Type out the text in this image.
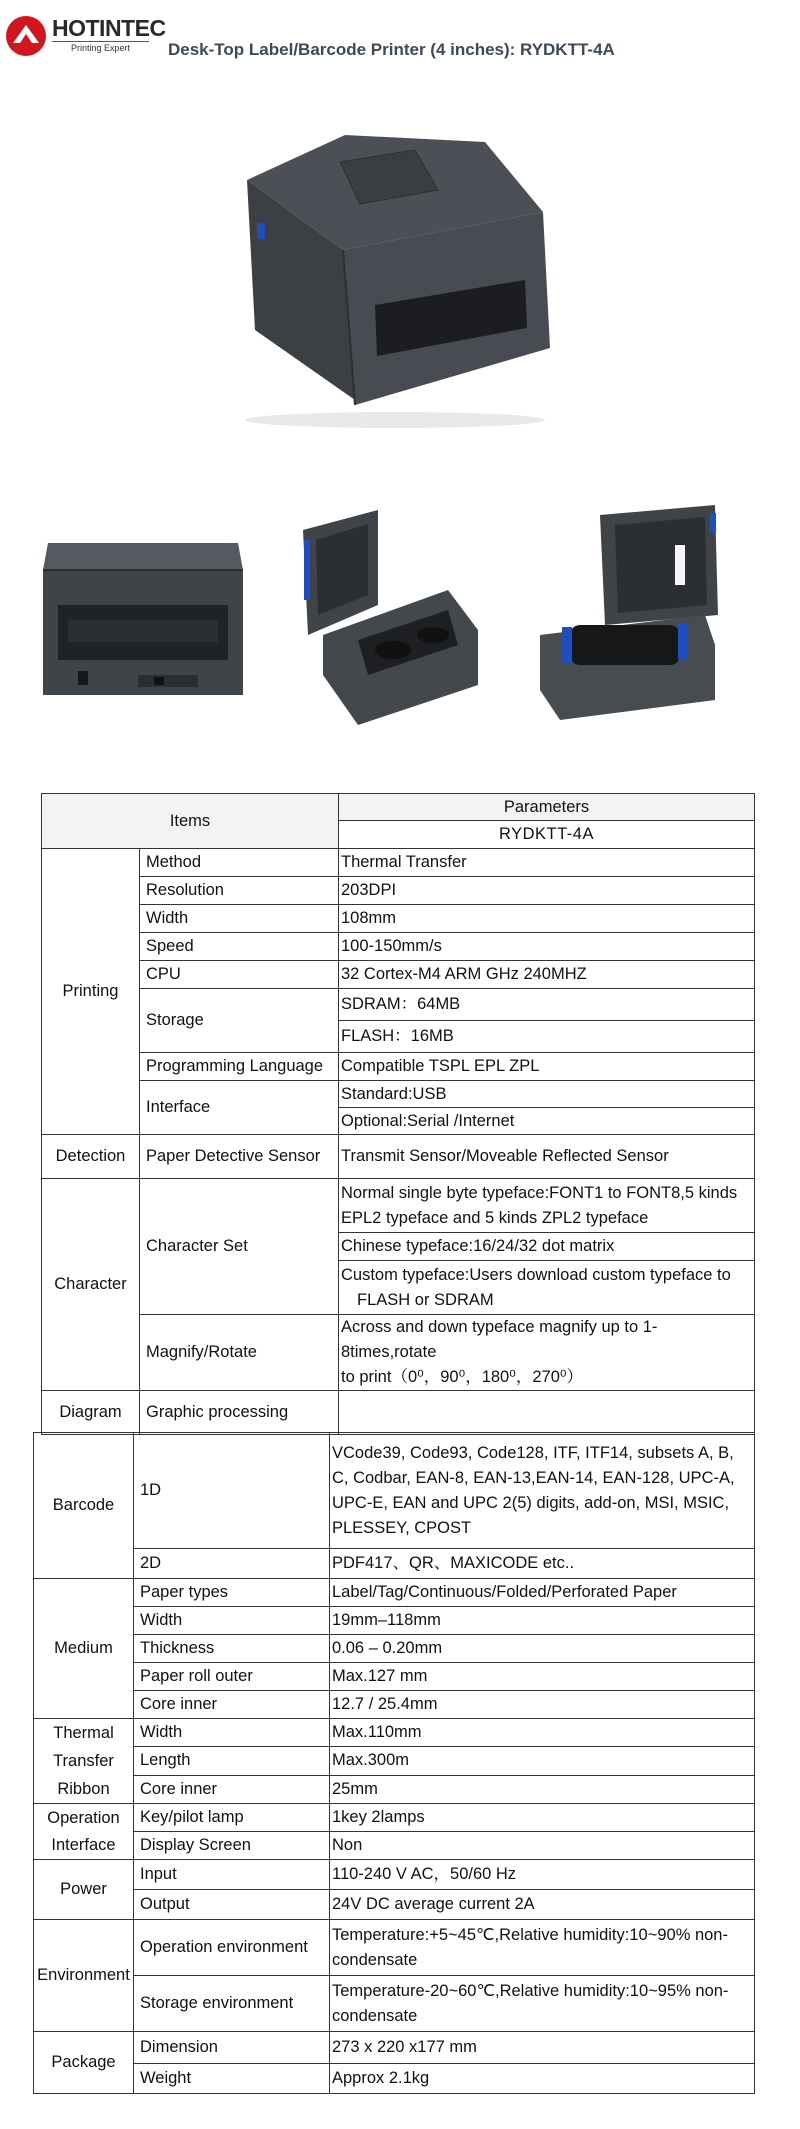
HOTINTEC
Printing Expert	Desk-Top Label/Barcode Printer (4 inches): RYDKTT-4A
Items		Parameters
		RYDKTT-4A
Printing	Method	Thermal Transfer
	Resolution	203DPI
	Width	108mm
	Speed	100-150mm/s
	CPU	32 Cortex-M4 ARM GHz 240MHZ
	Storage	SDRAM：64MB
		FLASH：16MB
	Programming Language	Compatible TSPL EPL ZPL
	Interface	Standard:USB
		Optional:Serial /Internet
Detection	Paper Detective Sensor	Transmit Sensor/Moveable Reflected Sensor
Character	Character Set	Normal single byte typeface:FONT1 to FONT8,5 kinds
EPL2 typeface and 5 kinds ZPL2 typeface

		Chinese typeface:16/24/32 dot matrix

		Custom typeface:Users download custom typeface to
FLASH or SDRAM

	Magnify/Rotate	Across and down typeface magnify up to 1-8times,rotate
to print（0⁰，90⁰，180⁰，270⁰）

Diagram	Graphic processing	
Barcode	1D	VCode39, Code93, Code128, ITF, ITF14, subsets A, B,
C, Codbar, EAN-8, EAN-13,EAN-14, EAN-128, UPC-A,
UPC-E, EAN and UPC 2(5) digits, add-on, MSI, MSIC,
PLESSEY, CPOST

	2D	PDF417、QR、MAXICODE etc..
Medium	Paper types	Label/Tag/Continuous/Folded/Perforated Paper
	Width	19mm–118mm
	Thickness	0.06 – 0.20mm
	Paper roll outer	Max.127 mm
	Core inner	12.7 / 25.4mm

Thermal
Transfer
Ribbon	Width	Max.110mm
	Length	Max.300m
	Core inner	25mm

Operation
Interface	Key/pilot lamp	1key 2lamps
	Display Screen	Non
Power	Input	110-240 V AC，50/60 Hz
	Output	24V DC average current 2A
Environment	Operation environment	Temperature:+5~45℃,Relative humidity:10~90% non-
condensate

	Storage environment	Temperature-20~60℃,Relative humidity:10~95% non-
condensate

Package	Dimension	273 x 220 x177 mm
	Weight	Approx 2.1kg
